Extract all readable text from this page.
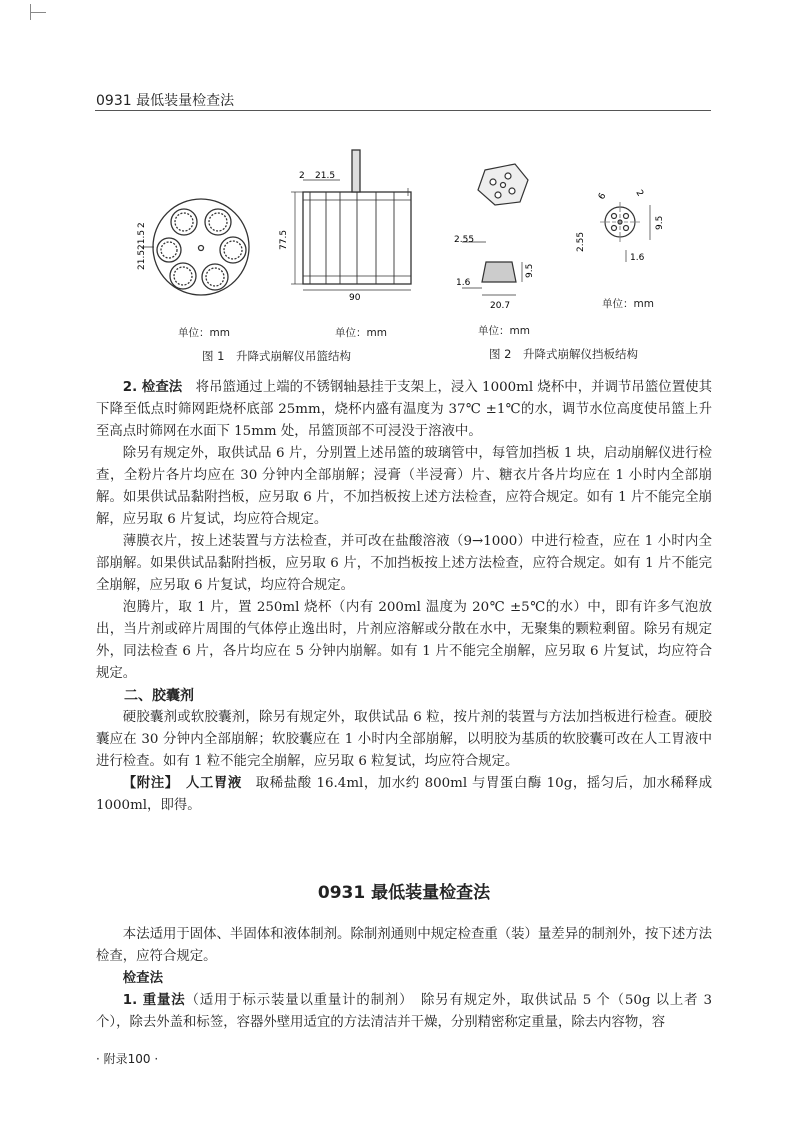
0931 最低装量检查法
2
21.5
21.5
2 21.5
77.5
90
单位：mm	单位：mm
图 1　升降式崩解仪吊篮结构
2.55
9.5
1.6
20.7
6	2
9.5
2.55
1.6
单位：mm
单位：mm
图 2　升降式崩解仪挡板结构

2. 检查法　将吊篮通过上端的不锈钢轴悬挂于支架上，浸入 1000ml 烧杯中，并调节吊篮位置使其下降至低点时筛网距烧杯底部 25mm，烧杯内盛有温度为 37℃ ±1℃的水，调节水位高度使吊篮上升至高点时筛网在水面下 15mm 处，吊篮顶部不可浸没于溶液中。

除另有规定外，取供试品 6 片，分别置上述吊篮的玻璃管中，每管加挡板 1 块，启动崩解仪进行检查，全粉片各片均应在 30 分钟内全部崩解；浸膏（半浸膏）片、糖衣片各片均应在 1 小时内全部崩解。如果供试品黏附挡板，应另取 6 片，不加挡板按上述方法检查，应符合规定。如有 1 片不能完全崩解，应另取 6 片复试，均应符合规定。

薄膜衣片，按上述装置与方法检查，并可改在盐酸溶液（9→1000）中进行检查，应在 1 小时内全部崩解。如果供试品黏附挡板，应另取 6 片，不加挡板按上述方法检查，应符合规定。如有 1 片不能完全崩解，应另取 6 片复试，均应符合规定。

泡腾片，取 1 片，置 250ml 烧杯（内有 200ml 温度为 20℃ ±5℃的水）中，即有许多气泡放出，当片剂或碎片周围的气体停止逸出时，片剂应溶解或分散在水中，无聚集的颗粒剩留。除另有规定外，同法检查 6 片，各片均应在 5 分钟内崩解。如有 1 片不能完全崩解，应另取 6 片复试，均应符合规定。

二、胶囊剂

硬胶囊剂或软胶囊剂，除另有规定外，取供试品 6 粒，按片剂的装置与方法加挡板进行检查。硬胶囊应在 30 分钟内全部崩解；软胶囊应在 1 小时内全部崩解，以明胶为基质的软胶囊可改在人工胃液中进行检查。如有 1 粒不能完全崩解，应另取 6 粒复试，均应符合规定。

【附注】　人工胃液　取稀盐酸 16.4ml，加水约 800ml 与胃蛋白酶 10g，摇匀后，加水稀释成 1000ml，即得。

0931 最低装量检查法

本法适用于固体、半固体和液体制剂。除制剂通则中规定检查重（装）量差异的制剂外，按下述方法检查，应符合规定。

检查法

1. 重量法（适用于标示装量以重量计的制剂）　除另有规定外，取供试品 5 个（50g 以上者 3 个），除去外盖和标签，容器外壁用适宜的方法清洁并干燥，分别精密称定重量，除去内容物，容

· 附录100 ·
